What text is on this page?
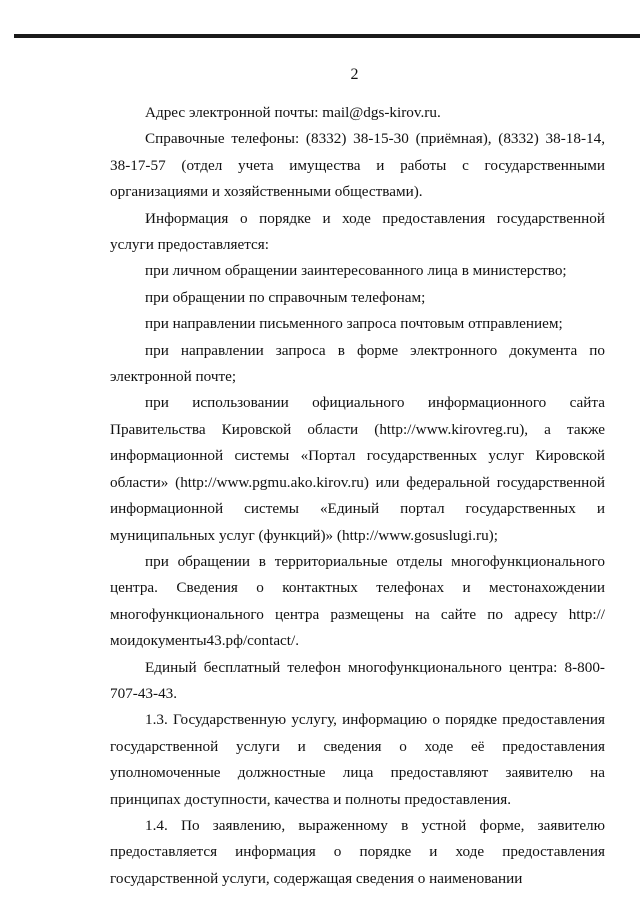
2

Адрес электронной почты: mail@dgs-kirov.ru.

Справочные телефоны: (8332) 38-15-30 (приёмная), (8332) 38-18-14, 38-17-57 (отдел учета имущества и работы с государственными организациями и хозяйственными обществами).

Информация о порядке и ходе предоставления государственной услуги предоставляется:

при личном обращении заинтересованного лица в министерство;

при обращении по справочным телефонам;

при направлении письменного запроса почтовым отправлением;

при направлении запроса в форме электронного документа по электронной почте;

при использовании официального информационного сайта Правительства Кировской области (http://www.kirovreg.ru), а также информационной системы «Портал государственных услуг Кировской области» (http://www.pgmu.ako.kirov.ru) или федеральной государственной информационной системы «Единый портал государственных и муниципальных услуг (функций)» (http://www.gosuslugi.ru);

при обращении в территориальные отделы многофункционального центра. Сведения о контактных телефонах и местонахождении многофункционального центра размещены на сайте по адресу http://моидокументы43.рф/contact/.

Единый бесплатный телефон многофункционального центра: 8-800-707-43-43.

1.3. Государственную услугу, информацию о порядке предоставления государственной услуги и сведения о ходе её предоставления уполномоченные должностные лица предоставляют заявителю на принципах доступности, качества и полноты предоставления.

1.4. По заявлению, выраженному в устной форме, заявителю предоставляется информация о порядке и ходе предоставления государственной услуги, содержащая сведения о наименовании
